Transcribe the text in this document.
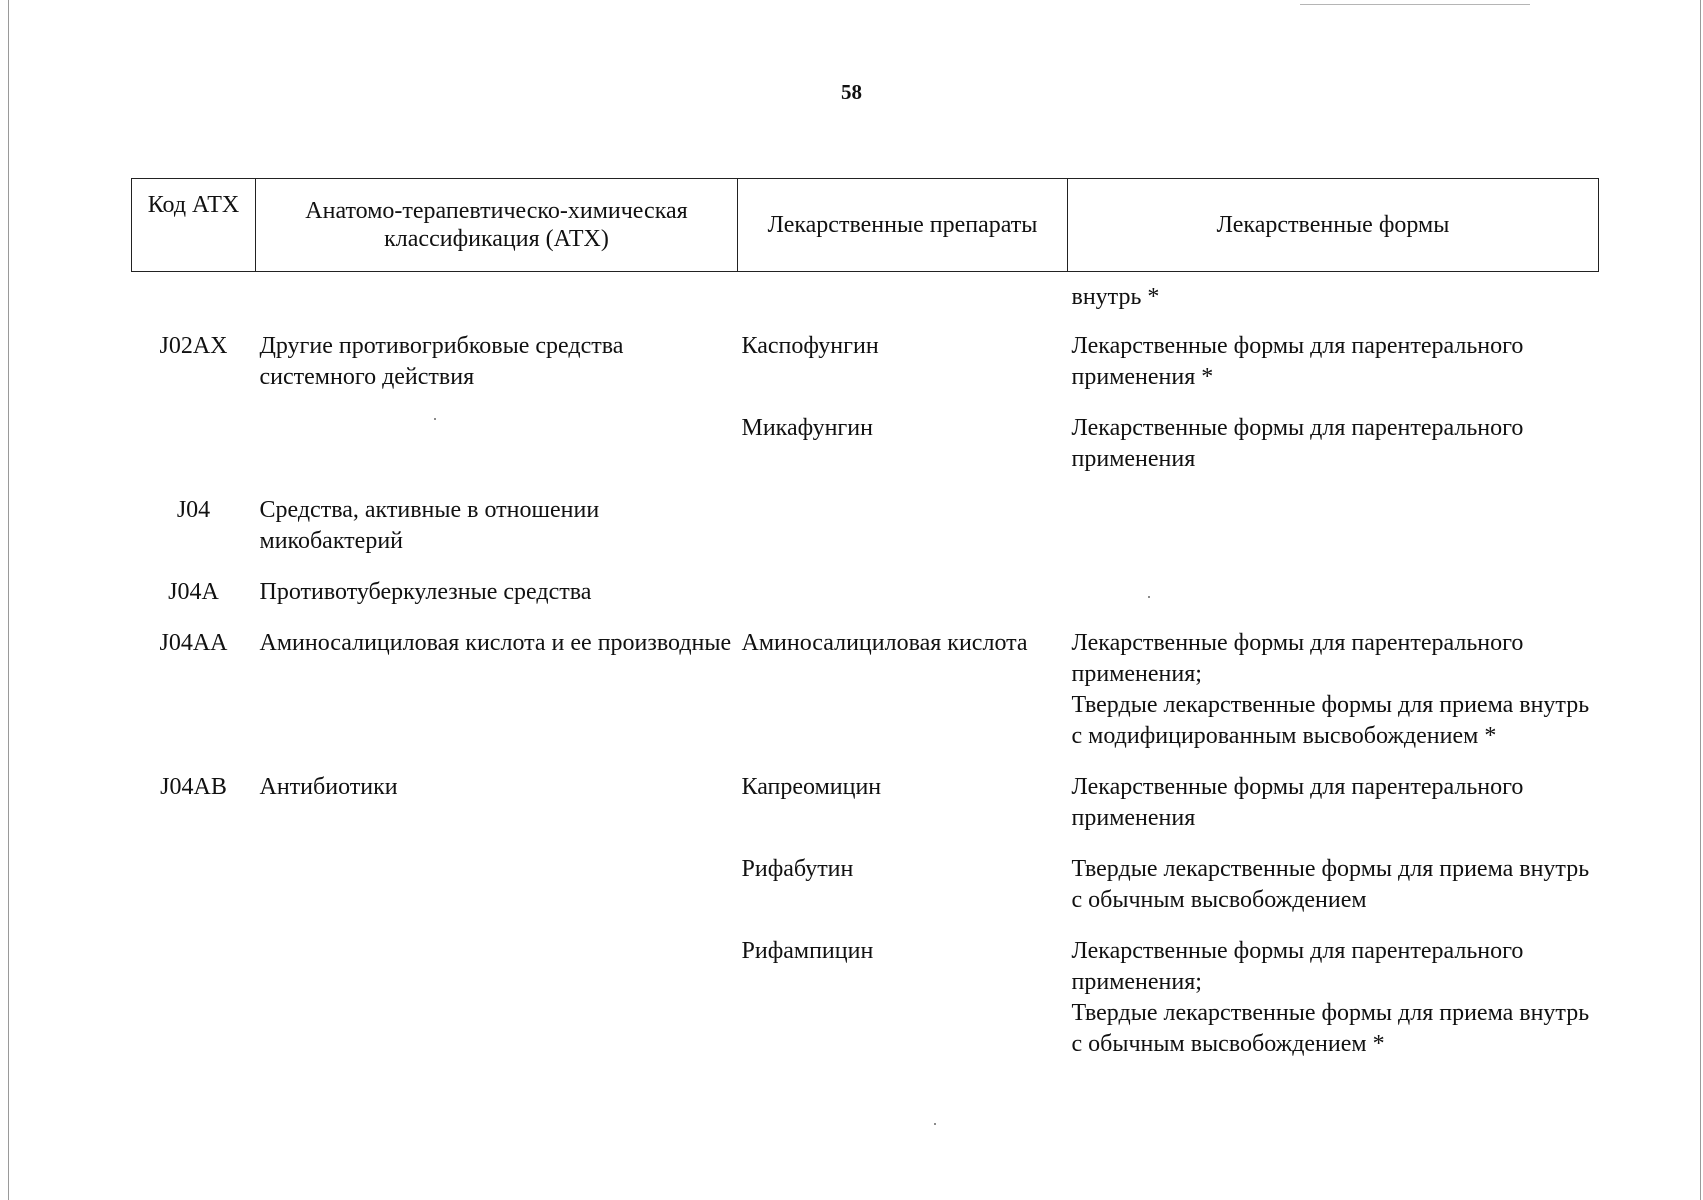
58
Код АТХ	Анатомо-терапевтическо-химическая классификация (АТХ)	Лекарственные препараты	Лекарственные формы

			внутрь *

J02AX	Другие противогрибковые средства системного действия	Каспофунгин	Лекарственные формы для парентерального применения *

		Микафунгин	Лекарственные формы для парентерального применения

J04	Средства, активные в отношении микобактерий		
J04A	Противотуберкулезные средства		
J04AA	Аминосалициловая кислота и ее производные	Аминосалициловая кислота	Лекарственные формы для парентерального применения;
Твердые лекарственные формы для приема внутрь с модифицированным высвобождением *

J04AB	Антибиотики	Капреомицин	Лекарственные формы для парентерального применения

		Рифабутин	Твердые лекарственные формы для приема внутрь с обычным высвобождением

		Рифампицин	Лекарственные формы для парентерального применения;
Твердые лекарственные формы для приема внутрь с обычным высвобождением *
